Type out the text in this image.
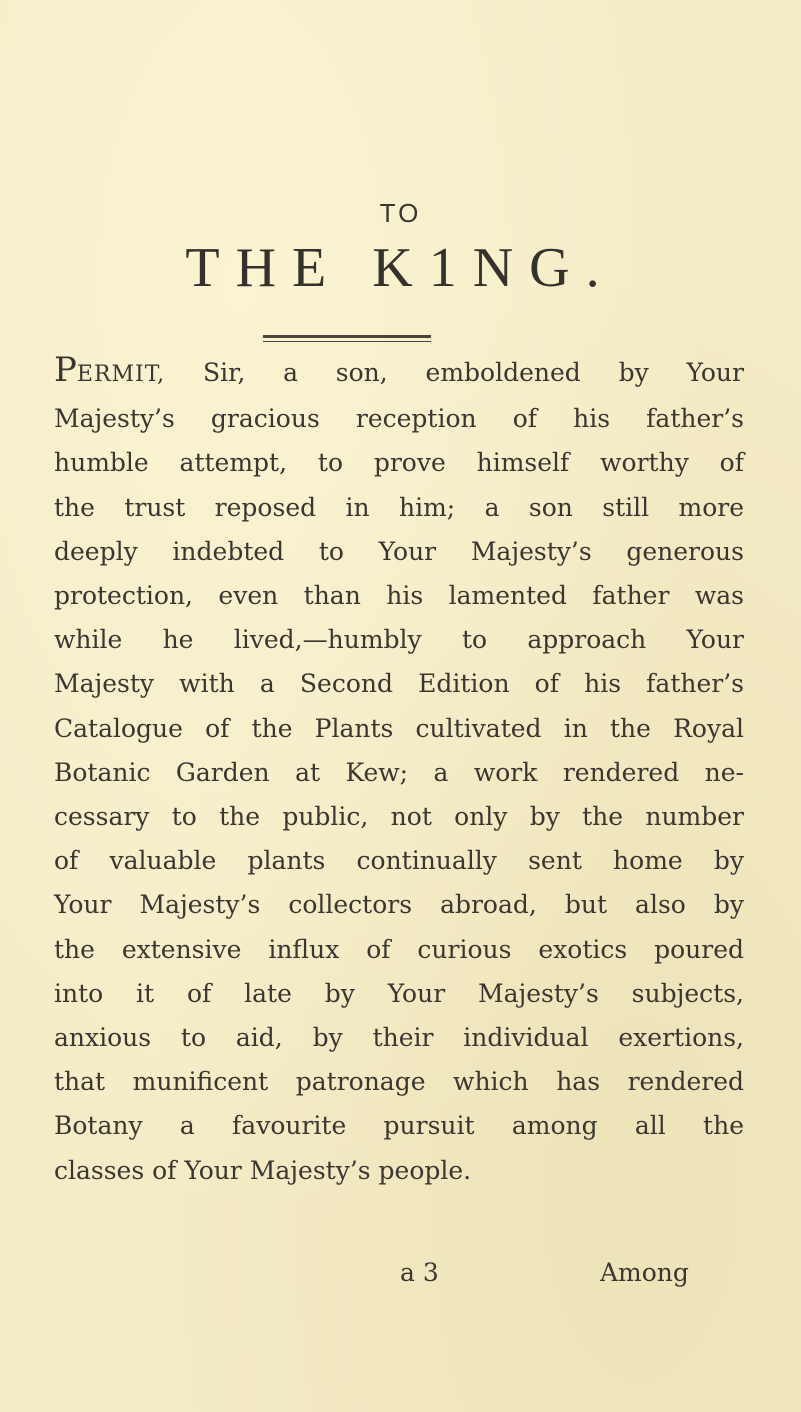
TO
THE K1NG.
PERMIT, Sir, a son, emboldened by Your
Majesty’s gracious reception of his father’s
humble attempt, to prove himself worthy of
the trust reposed in him; a son still more
deeply indebted to Your Majesty’s generous
protection, even than his lamented father was
while he lived,—humbly to approach Your
Majesty with a Second Edition of his father’s
Catalogue of the Plants cultivated in the Royal
Botanic Garden at Kew; a work rendered ne-
cessary to the public, not only by the number
of valuable plants continually sent home by
Your Majesty’s collectors abroad, but also by
the extensive influx of curious exotics poured
into it of late by Your Majesty’s subjects,
anxious to aid, by their individual exertions,
that munificent patronage which has rendered
Botany a favourite pursuit among all the
classes of Your Majesty’s people.
a 3	Among
